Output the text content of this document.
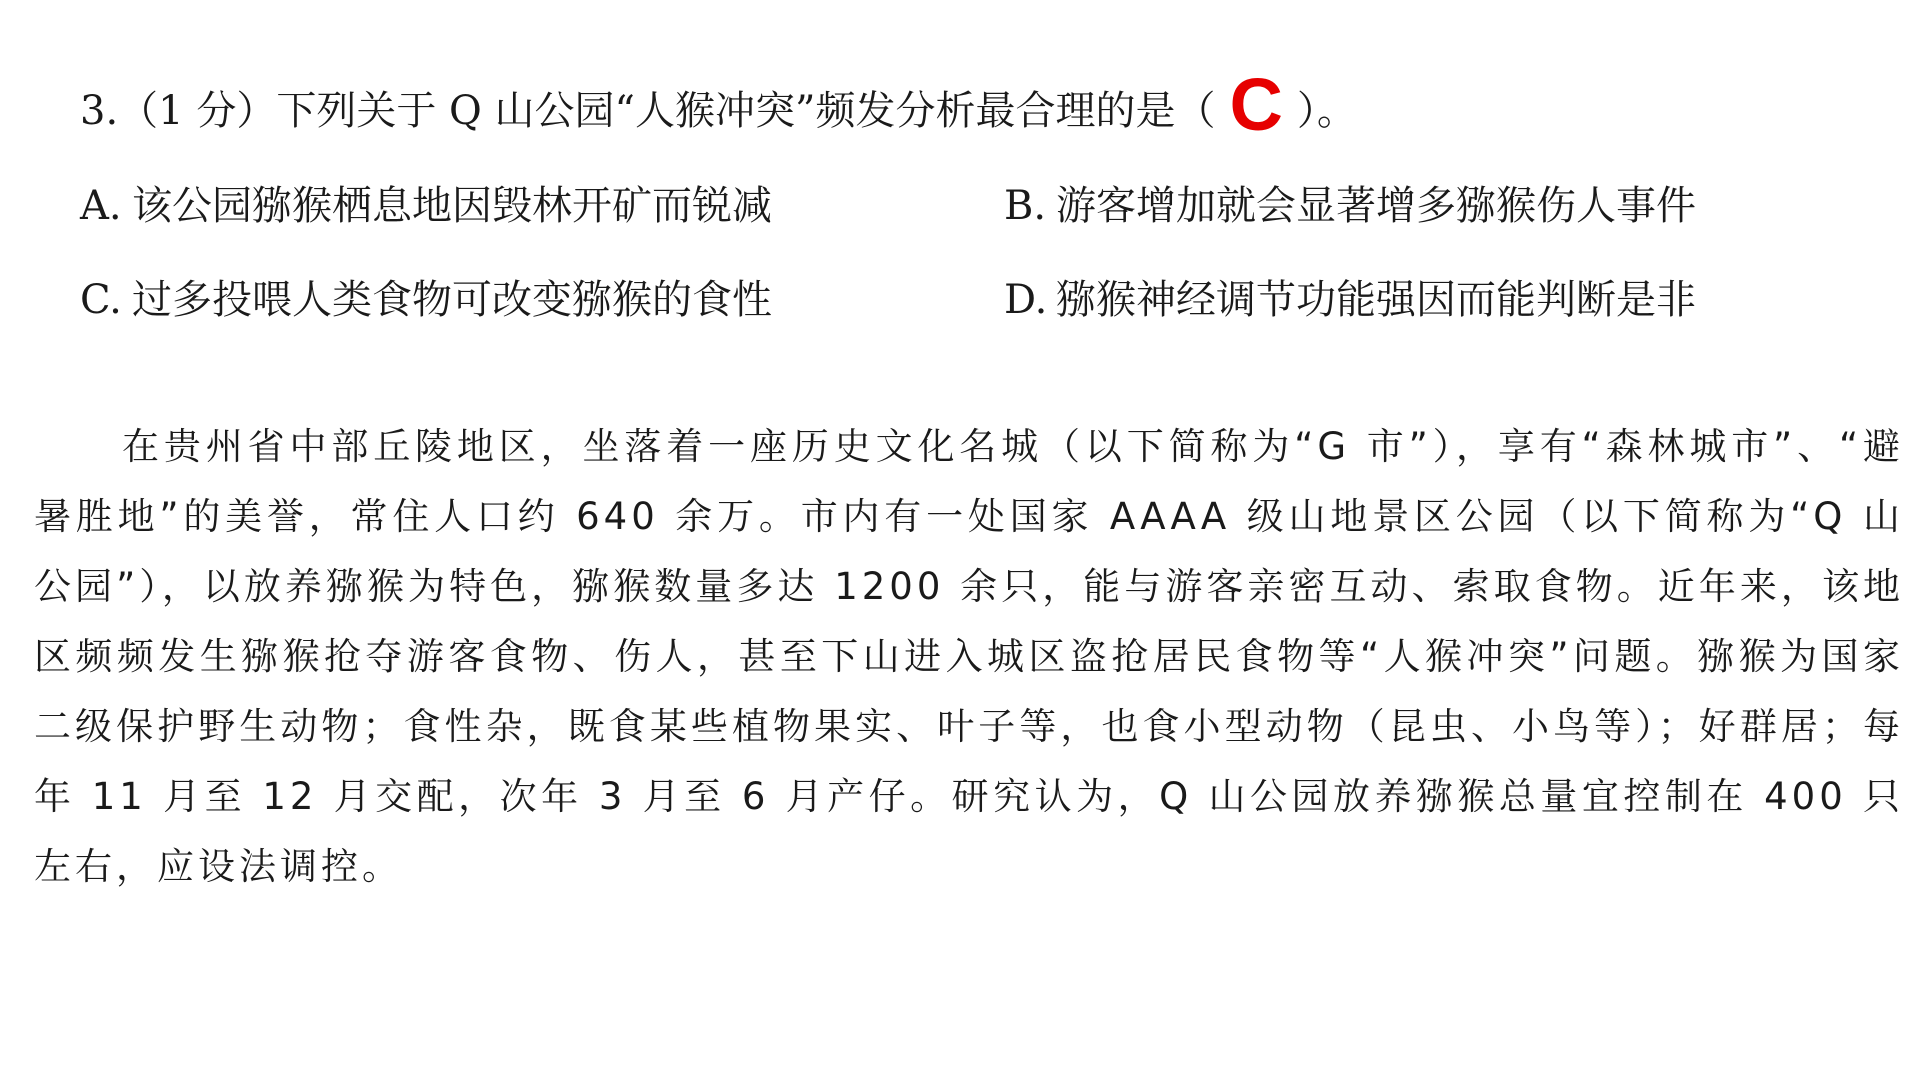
3.（1 分）下列关于 Q 山公园“人猴冲突”频发分析最合理的是（ C ）。
A. 该公园猕猴栖息地因毁林开矿而锐减	B. 游客增加就会显著增多猕猴伤人事件
C. 过多投喂人类食物可改变猕猴的食性	D. 猕猴神经调节功能强因而能判断是非
在贵州省中部丘陵地区，坐落着一座历史文化名城（以下简称为“G 市”），享有“森林城市”、“避暑胜地”的美誉，常住人口约 640 余万。市内有一处国家 AAAA 级山地景区公园（以下简称为“Q 山公园”），以放养猕猴为特色，猕猴数量多达 1200 余只，能与游客亲密互动、索取食物。近年来，该地区频频发生猕猴抢夺游客食物、伤人，甚至下山进入城区盗抢居民食物等“人猴冲突”问题。猕猴为国家二级保护野生动物；食性杂，既食某些植物果实、叶子等，也食小型动物（昆虫、小鸟等）；好群居；每年 11 月至 12 月交配，次年 3 月至 6 月产仔。研究认为，Q 山公园放养猕猴总量宜控制在 400 只左右，应设法调控。
